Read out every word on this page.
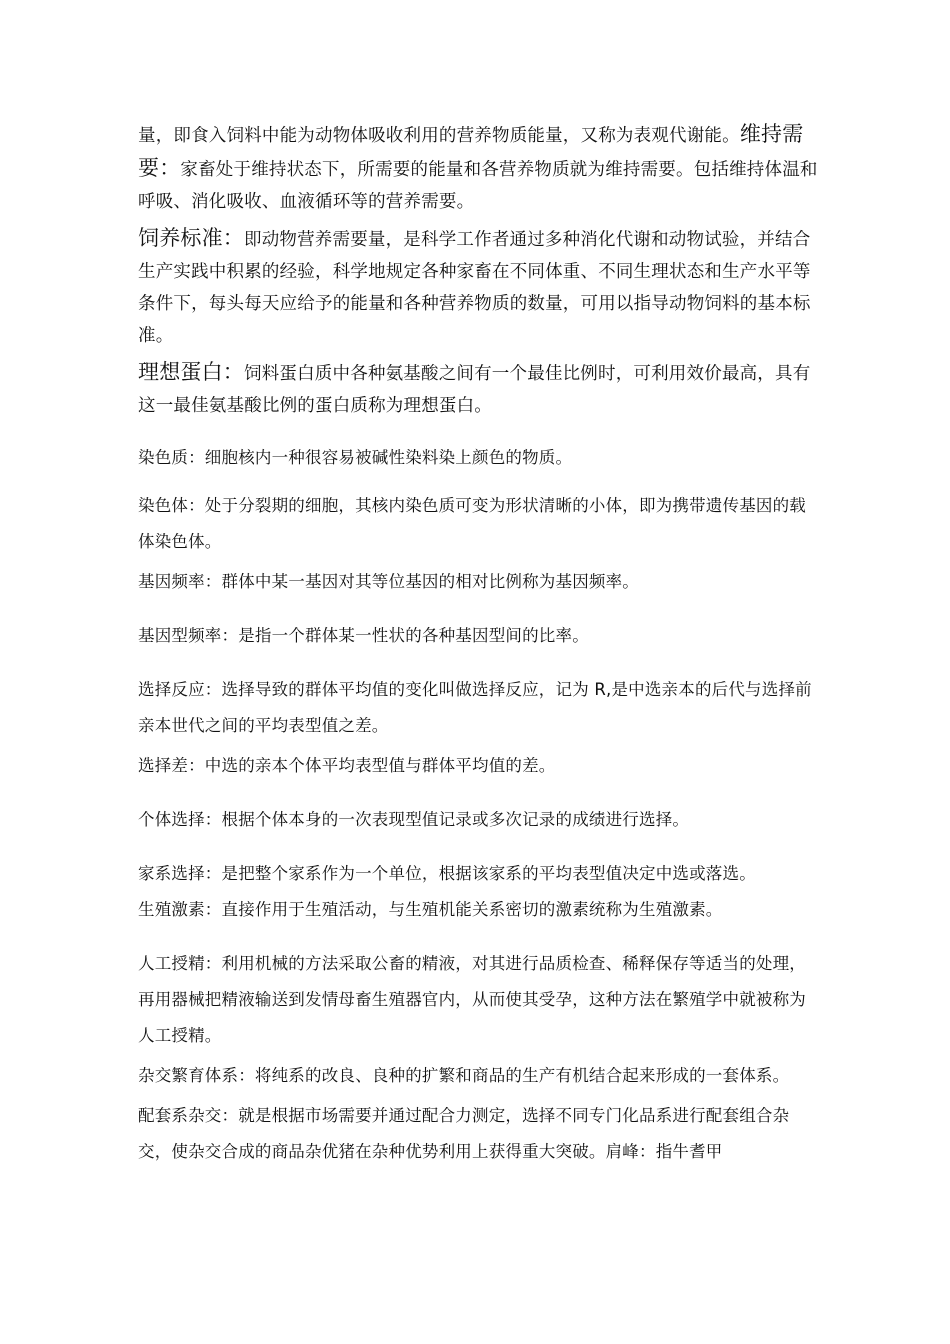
量，即食入饲料中能为动物体吸收利用的营养物质能量，又称为表观代谢能。维持需要：家畜处于维持状态下，所需要的能量和各营养物质就为维持需要。包括维持体温和呼吸、消化吸收、血液循环等的营养需要。

饲养标准：即动物营养需要量，是科学工作者通过多种消化代谢和动物试验，并结合生产实践中积累的经验，科学地规定各种家畜在不同体重、不同生理状态和生产水平等条件下，每头每天应给予的能量和各种营养物质的数量，可用以指导动物饲料的基本标准。

理想蛋白：饲料蛋白质中各种氨基酸之间有一个最佳比例时，可利用效价最高，具有这一最佳氨基酸比例的蛋白质称为理想蛋白。

染色质：细胞核内一种很容易被碱性染料染上颜色的物质。

染色体：处于分裂期的细胞，其核内染色质可变为形状清晰的小体，即为携带遗传基因的载体染色体。

基因频率：群体中某一基因对其等位基因的相对比例称为基因频率。

基因型频率：是指一个群体某一性状的各种基因型间的比率。

选择反应：选择导致的群体平均值的变化叫做选择反应，记为 R,是中选亲本的后代与选择前亲本世代之间的平均表型值之差。

选择差：中选的亲本个体平均表型值与群体平均值的差。

个体选择：根据个体本身的一次表现型值记录或多次记录的成绩进行选择。

家系选择：是把整个家系作为一个单位，根据该家系的平均表型值决定中选或落选。

生殖激素：直接作用于生殖活动，与生殖机能关系密切的激素统称为生殖激素。

人工授精：利用机械的方法采取公畜的精液，对其进行品质检查、稀释保存等适当的处理，再用器械把精液输送到发情母畜生殖器官内，从而使其受孕，这种方法在繁殖学中就被称为人工授精。

杂交繁育体系：将纯系的改良、良种的扩繁和商品的生产有机结合起来形成的一套体系。

配套系杂交：就是根据市场需要并通过配合力测定，选择不同专门化品系进行配套组合杂交，使杂交合成的商品杂优猪在杂种优势利用上获得重大突破。肩峰：指牛耆甲
